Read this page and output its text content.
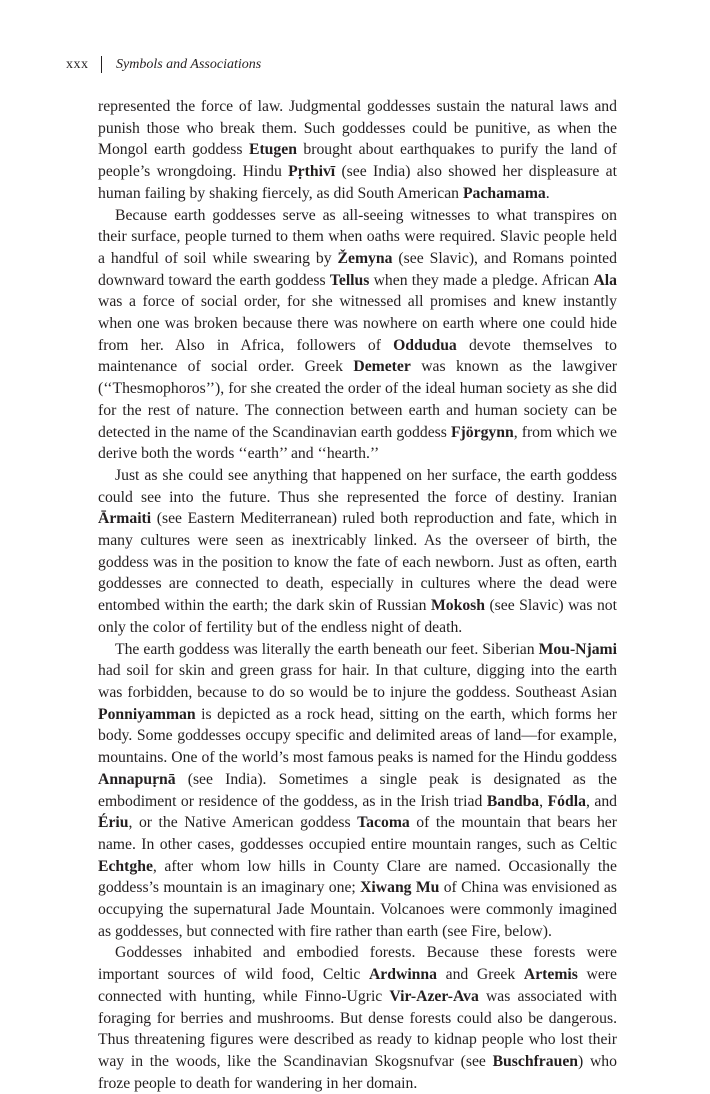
xxx Symbols and Associations

represented the force of law. Judgmental goddesses sustain the natural laws and punish those who break them. Such goddesses could be punitive, as when the Mongol earth goddess Etugen brought about earthquakes to purify the land of people’s wrongdoing. Hindu Pṛthivī (see India) also showed her displeasure at human failing by shaking fiercely, as did South American Pachamama.

Because earth goddesses serve as all-seeing witnesses to what transpires on their surface, people turned to them when oaths were required. Slavic people held a handful of soil while swearing by Žemyna (see Slavic), and Romans pointed downward toward the earth goddess Tellus when they made a pledge. African Ala was a force of social order, for she witnessed all promises and knew instantly when one was broken because there was nowhere on earth where one could hide from her. Also in Africa, followers of Oddudua devote themselves to maintenance of social order. Greek Demeter was known as the lawgiver (‘‘Thesmophoros’’), for she created the order of the ideal human society as she did for the rest of nature. The connection between earth and human society can be detected in the name of the Scandinavian earth goddess Fjörgynn, from which we derive both the words ‘‘earth’’ and ‘‘hearth.’’

Just as she could see anything that happened on her surface, the earth goddess could see into the future. Thus she represented the force of destiny. Iranian Ārmaiti (see Eastern Mediterranean) ruled both reproduction and fate, which in many cultures were seen as inextricably linked. As the overseer of birth, the goddess was in the position to know the fate of each newborn. Just as often, earth goddesses are connected to death, especially in cultures where the dead were entombed within the earth; the dark skin of Russian Mokosh (see Slavic) was not only the color of fertility but of the endless night of death.

The earth goddess was literally the earth beneath our feet. Siberian Mou-Njami had soil for skin and green grass for hair. In that culture, digging into the earth was forbidden, because to do so would be to injure the goddess. Southeast Asian Ponniyamman is depicted as a rock head, sitting on the earth, which forms her body. Some goddesses occupy specific and delimited areas of land—for example, mountains. One of the world’s most famous peaks is named for the Hindu goddess Annapuṛnā (see India). Sometimes a single peak is designated as the embodiment or residence of the goddess, as in the Irish triad Bandba, Fódla, and Ériu, or the Native American goddess Tacoma of the mountain that bears her name. In other cases, goddesses occupied entire mountain ranges, such as Celtic Echtghe, after whom low hills in County Clare are named. Occasionally the goddess’s mountain is an imaginary one; Xiwang Mu of China was envisioned as occupying the supernatural Jade Mountain. Volcanoes were commonly imagined as goddesses, but connected with fire rather than earth (see Fire, below).

Goddesses inhabited and embodied forests. Because these forests were important sources of wild food, Celtic Ardwinna and Greek Artemis were connected with hunting, while Finno-Ugric Vir-Azer-Ava was associated with foraging for berries and mushrooms. But dense forests could also be dangerous. Thus threatening figures were described as ready to kidnap people who lost their way in the woods, like the Scandinavian Skogsnufvar (see Buschfrauen) who froze people to death for wandering in her domain.
